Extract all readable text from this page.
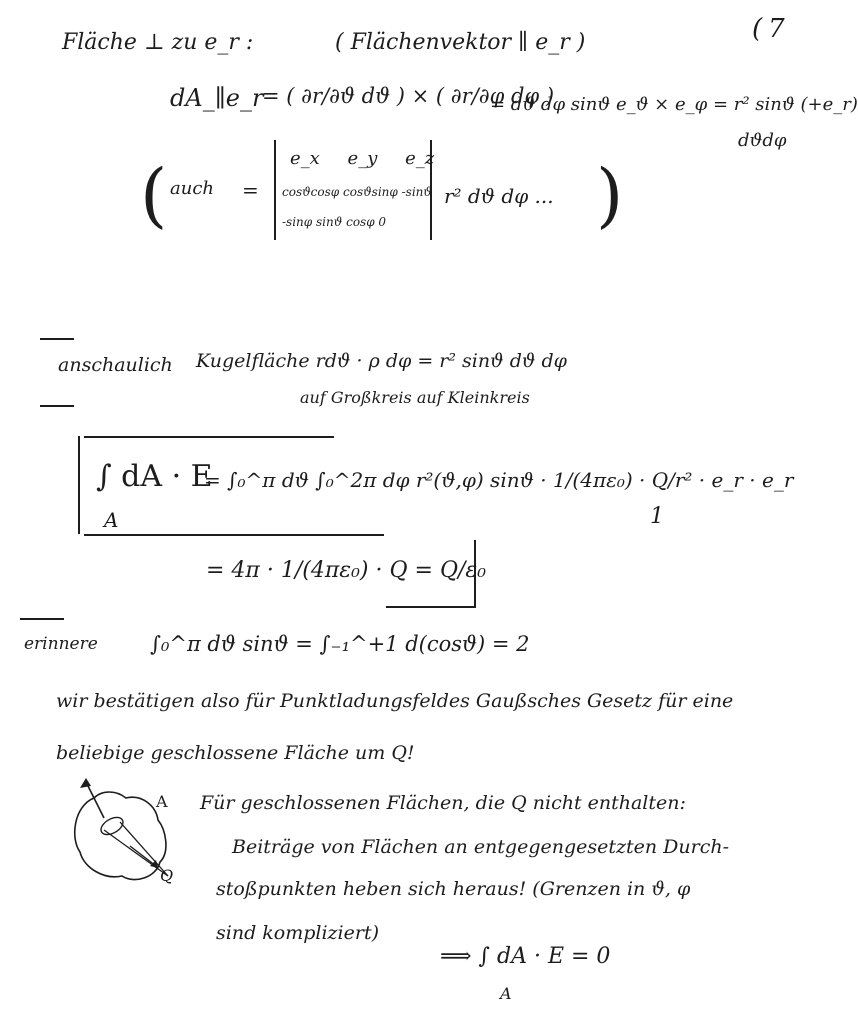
( 7
Fläche ⊥ zu e_r :	( Flächenvektor ∥ e_r )
dA_∥e_r
= ( ∂r/∂ϑ dϑ ) × ( ∂r/∂φ dφ )
= dϑ dφ sinϑ e_ϑ × e_φ = r² sinϑ (+e_r)
dϑdφ
( auch =
e_x e_y e_z
cosϑcosφ cosϑsinφ -sinϑ
-sinφ sinϑ cosφ 0
r² dϑ dφ ... )
anschaulich Kugelfläche rdϑ · ρ dφ = r² sinϑ dϑ dφ
auf Großkreis auf Kleinkreis
∫ dA · E
A
= ∫₀^π dϑ ∫₀^2π dφ r²(ϑ,φ) sinϑ · 1/(4πε₀) · Q/r² · e_r · e_r
1
= 4π · 1/(4πε₀) · Q = Q/ε₀
erinnere ∫₀^π dϑ sinϑ = ∫₋₁^+1 d(cosϑ) = 2
wir bestätigen also für Punktladungsfeldes Gaußsches Gesetz für eine
beliebige geschlossene Fläche um Q!
A
Q
Für geschlossenen Flächen, die Q nicht enthalten:
Beiträge von Flächen an entgegengesetzten Durch-
stoßpunkten heben sich heraus! (Grenzen in ϑ, φ
sind kompliziert)
⟹ ∫ dA · E = 0
A
